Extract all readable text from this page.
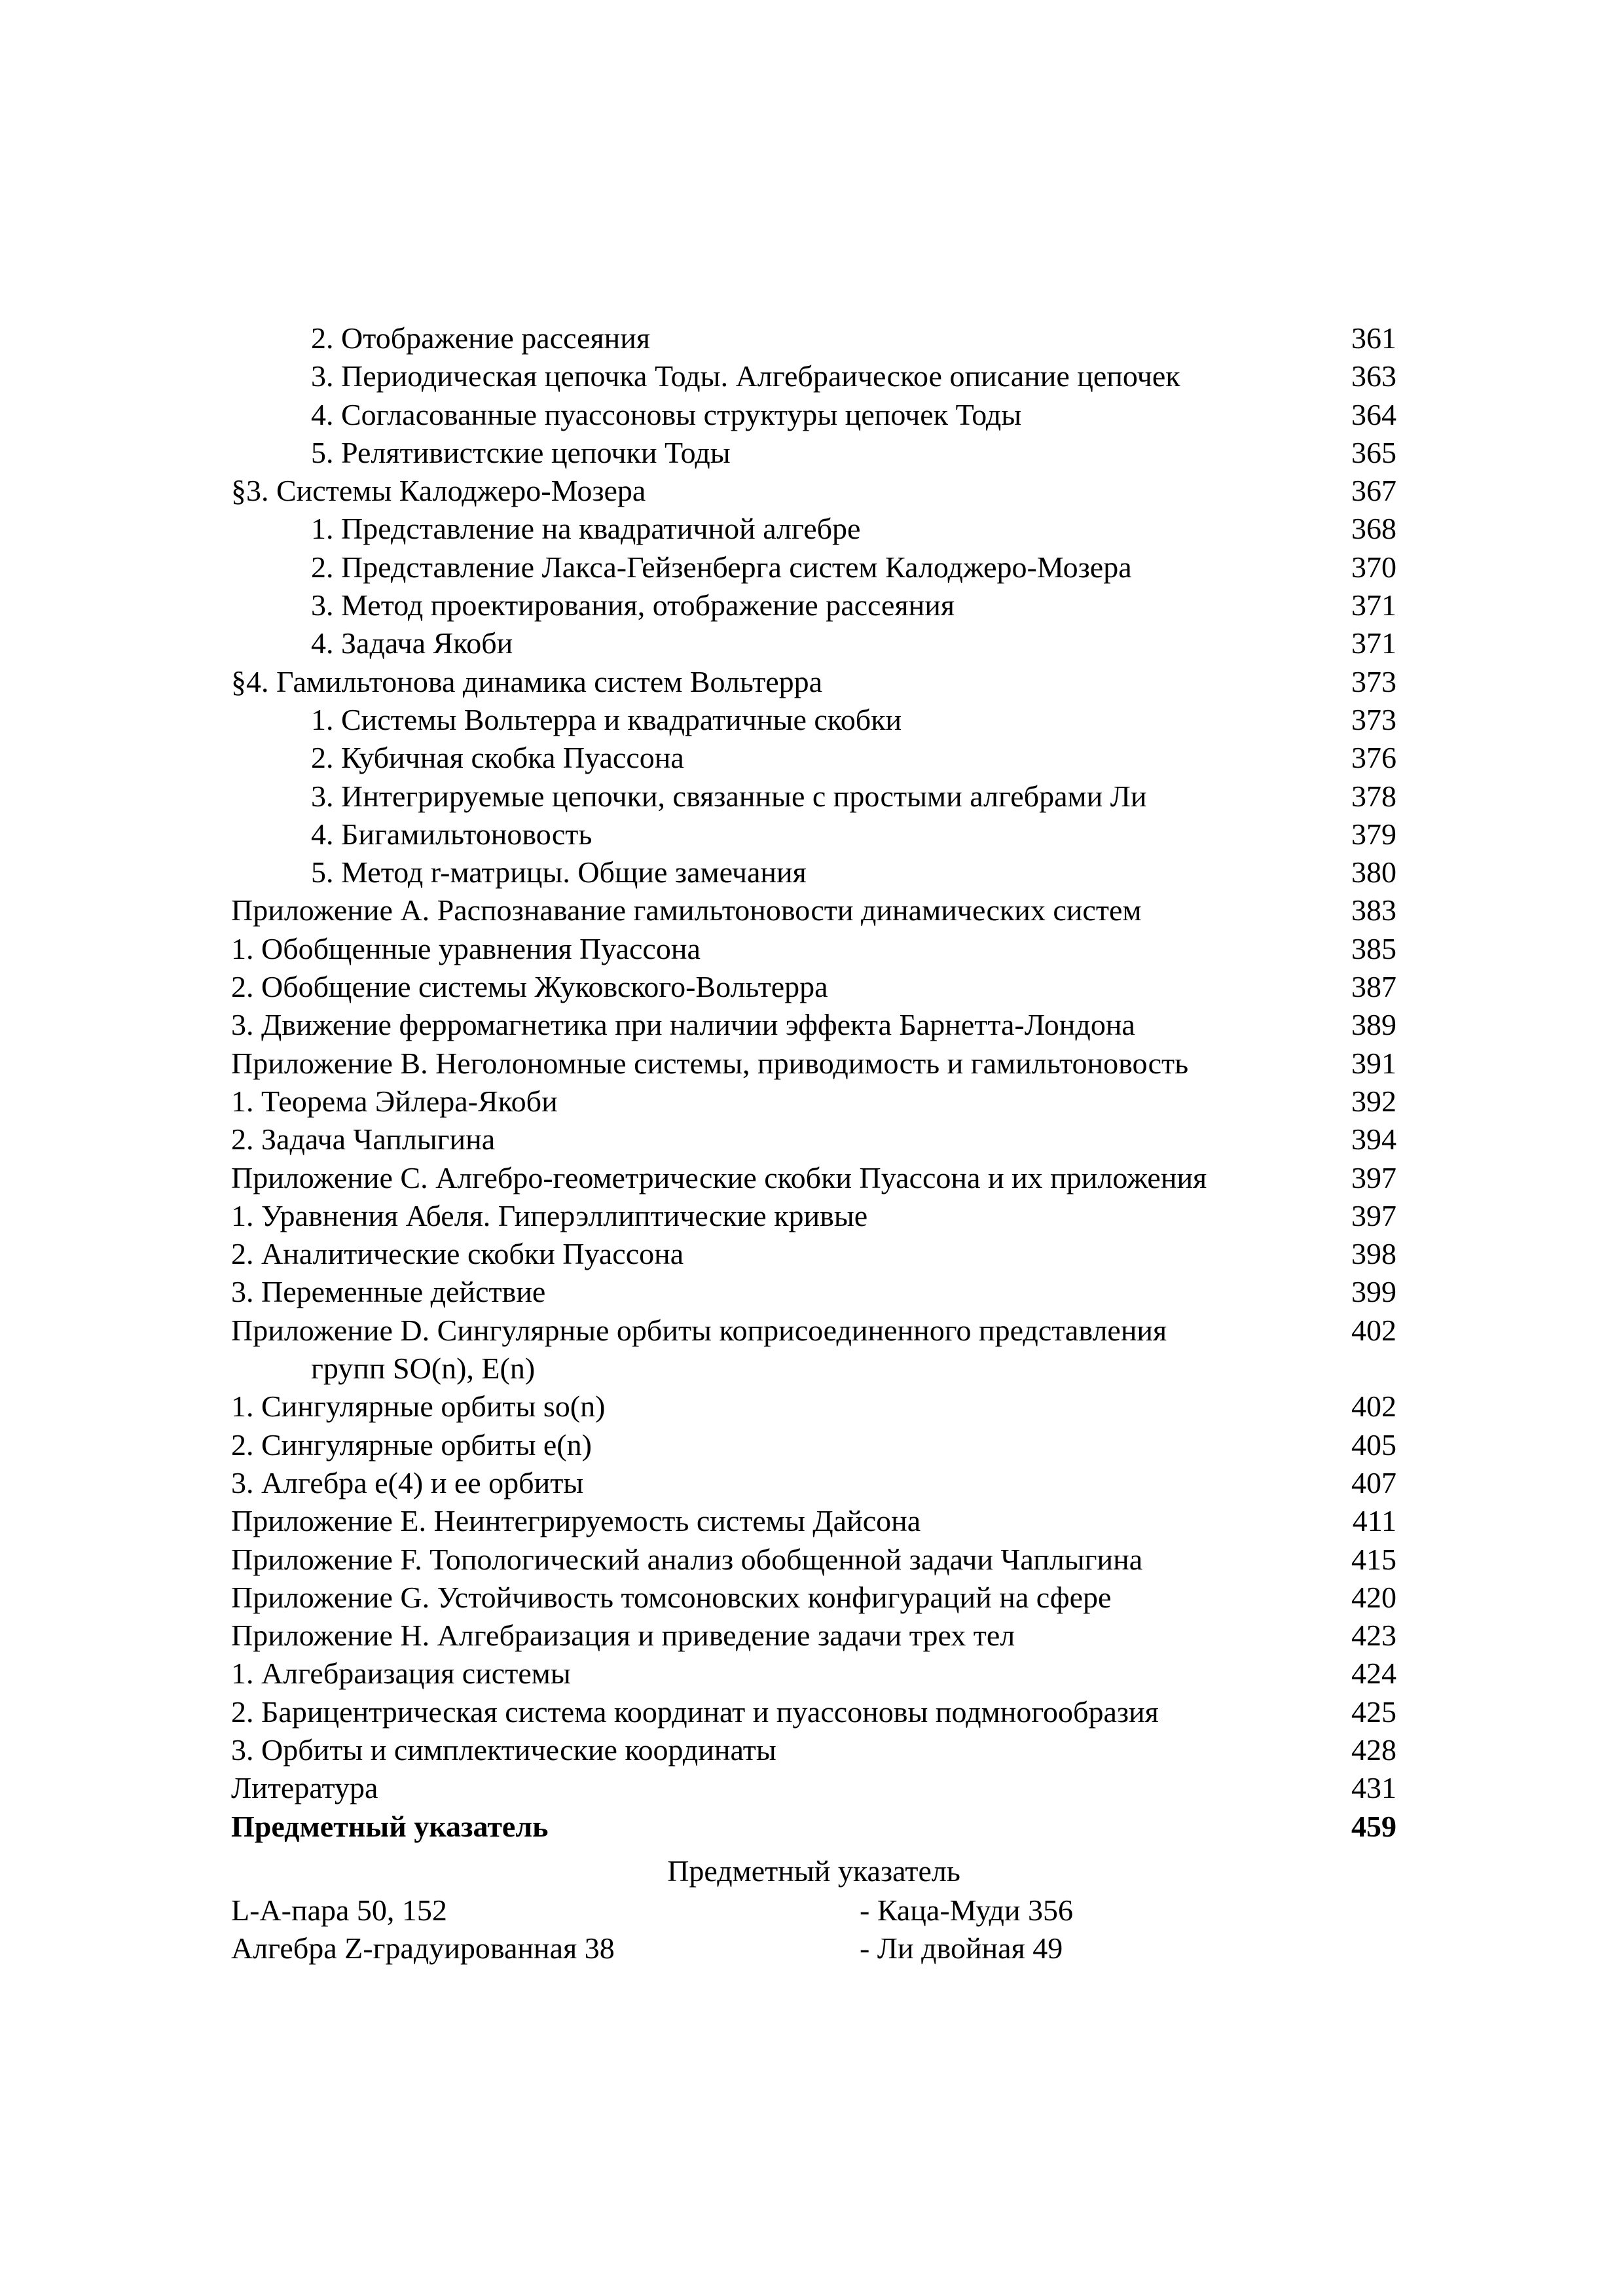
2. Отображение рассеяния	361
3. Периодическая цепочка Тоды. Алгебраическое описание цепочек	363
4. Согласованные пуассоновы структуры цепочек Тоды	364
5. Релятивистские цепочки Тоды	365
§3. Системы Калоджеро-Мозера	367
1. Представление на квадратичной алгебре	368
2. Представление Лакса-Гейзенберга систем Калоджеро-Мозера	370
3. Метод проектирования, отображение рассеяния	371
4. Задача Якоби	371
§4. Гамильтонова динамика систем Вольтерра	373
1. Системы Вольтерра и квадратичные скобки	373
2. Кубичная скобка Пуассона	376
3. Интегрируемые цепочки, связанные с простыми алгебрами Ли	378
4. Бигамильтоновость	379
5. Метод r-матрицы. Общие замечания	380
Приложение А. Распознавание гамильтоновости динамических систем	383
1. Обобщенные уравнения Пуассона	385
2. Обобщение системы Жуковского-Вольтерра	387
3. Движение ферромагнетика при наличии эффекта Барнетта-Лондона	389
Приложение В. Неголономные системы, приводимость и гамильтоновость	391
1. Теорема Эйлера-Якоби	392
2. Задача Чаплыгина	394
Приложение С. Алгебро-геометрические скобки Пуассона и их приложения	397
1. Уравнения Абеля. Гиперэллиптические кривые	397
2. Аналитические скобки Пуассона	398
3. Переменные действие	399
Приложение D. Сингулярные орбиты коприсоединенного представления	402
групп SO(n), E(n)
1. Сингулярные орбиты so(n)	402
2. Сингулярные орбиты e(n)	405
3. Алгебра e(4) и ее орбиты	407
Приложение E. Неинтегрируемость системы Дайсона	411
Приложение F. Топологический анализ обобщенной задачи Чаплыгина	415
Приложение G. Устойчивость томсоновских конфигураций на сфере	420
Приложение Н. Алгебраизация и приведение задачи трех тел	423
1. Алгебраизация системы	424
2. Барицентрическая система координат и пуассоновы подмногообразия	425
3. Орбиты и симплектические координаты	428
Литература	431
Предметный указатель	459
Предметный указатель
L-A-пара 50, 152	- Каца-Муди 356
Алгебра Z-градуированная 38	- Ли двойная 49
